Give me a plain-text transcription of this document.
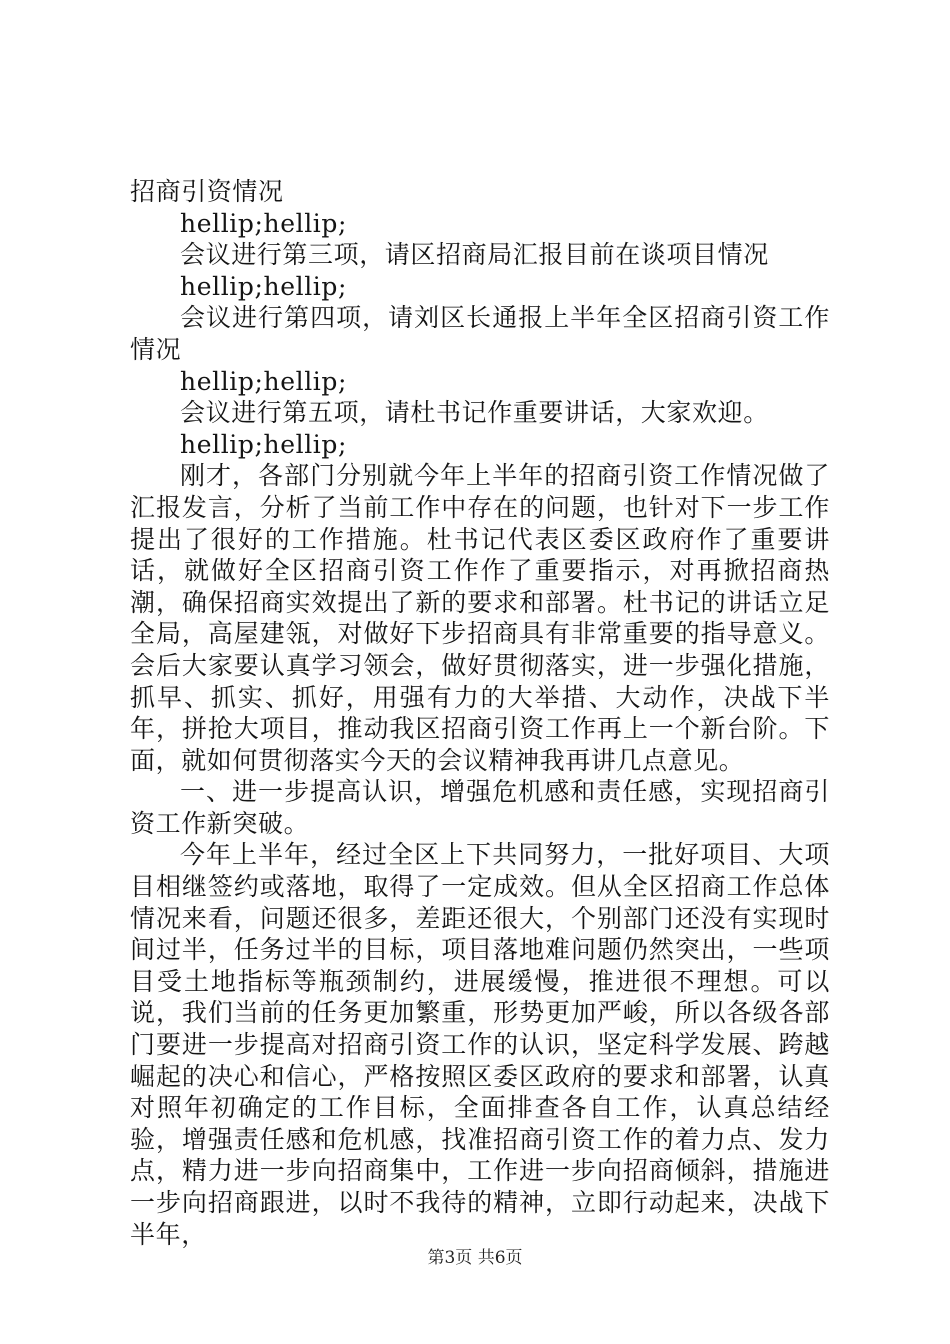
招商引资情况

hellip;hellip;

会议进行第三项，请区招商局汇报目前在谈项目情况

hellip;hellip;

会议进行第四项，请刘区长通报上半年全区招商引资工作情况

hellip;hellip;

会议进行第五项，请杜书记作重要讲话，大家欢迎。

hellip;hellip;

刚才，各部门分别就今年上半年的招商引资工作情况做了汇报发言，分析了当前工作中存在的问题，也针对下一步工作提出了很好的工作措施。杜书记代表区委区政府作了重要讲话，就做好全区招商引资工作作了重要指示，对再掀招商热潮，确保招商实效提出了新的要求和部署。杜书记的讲话立足全局，高屋建瓴，对做好下步招商具有非常重要的指导意义。会后大家要认真学习领会，做好贯彻落实，进一步强化措施，抓早、抓实、抓好，用强有力的大举措、大动作，决战下半年，拼抢大项目，推动我区招商引资工作再上一个新台阶。下面，就如何贯彻落实今天的会议精神我再讲几点意见。

一、进一步提高认识，增强危机感和责任感，实现招商引资工作新突破。

今年上半年，经过全区上下共同努力，一批好项目、大项目相继签约或落地，取得了一定成效。但从全区招商工作总体情况来看，问题还很多，差距还很大，个别部门还没有实现时间过半，任务过半的目标，项目落地难问题仍然突出，一些项目受土地指标等瓶颈制约，进展缓慢，推进很不理想。可以说，我们当前的任务更加繁重，形势更加严峻，所以各级各部门要进一步提高对招商引资工作的认识，坚定科学发展、跨越崛起的决心和信心，严格按照区委区政府的要求和部署，认真对照年初确定的工作目标，全面排查各自工作，认真总结经验，增强责任感和危机感，找准招商引资工作的着力点、发力点，精力进一步向招商集中，工作进一步向招商倾斜，措施进一步向招商跟进，以时不我待的精神，立即行动起来，决战下半年，

第3页 共6页
